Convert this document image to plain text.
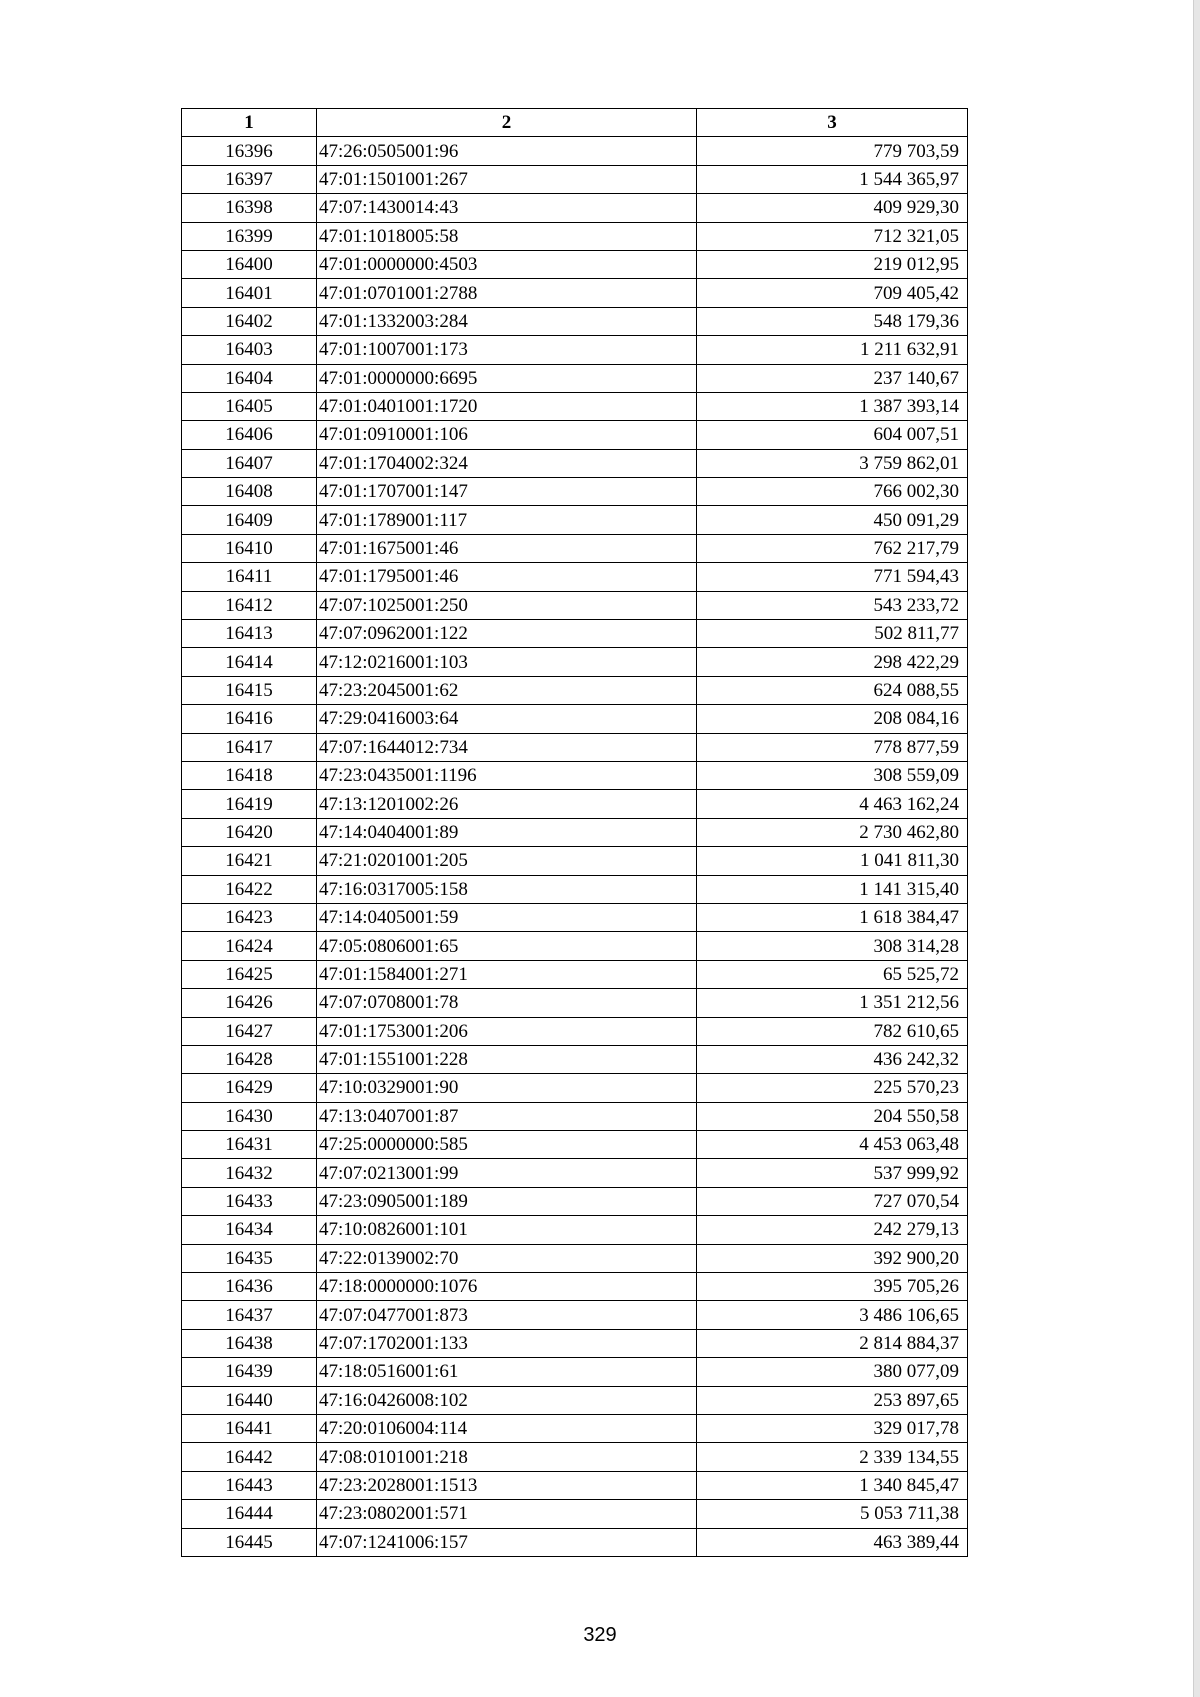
1	2	3
16396	47:26:0505001:96	779 703,59
16397	47:01:1501001:267	1 544 365,97
16398	47:07:1430014:43	409 929,30
16399	47:01:1018005:58	712 321,05
16400	47:01:0000000:4503	219 012,95
16401	47:01:0701001:2788	709 405,42
16402	47:01:1332003:284	548 179,36
16403	47:01:1007001:173	1 211 632,91
16404	47:01:0000000:6695	237 140,67
16405	47:01:0401001:1720	1 387 393,14
16406	47:01:0910001:106	604 007,51
16407	47:01:1704002:324	3 759 862,01
16408	47:01:1707001:147	766 002,30
16409	47:01:1789001:117	450 091,29
16410	47:01:1675001:46	762 217,79
16411	47:01:1795001:46	771 594,43
16412	47:07:1025001:250	543 233,72
16413	47:07:0962001:122	502 811,77
16414	47:12:0216001:103	298 422,29
16415	47:23:2045001:62	624 088,55
16416	47:29:0416003:64	208 084,16
16417	47:07:1644012:734	778 877,59
16418	47:23:0435001:1196	308 559,09
16419	47:13:1201002:26	4 463 162,24
16420	47:14:0404001:89	2 730 462,80
16421	47:21:0201001:205	1 041 811,30
16422	47:16:0317005:158	1 141 315,40
16423	47:14:0405001:59	1 618 384,47
16424	47:05:0806001:65	308 314,28
16425	47:01:1584001:271	65 525,72
16426	47:07:0708001:78	1 351 212,56
16427	47:01:1753001:206	782 610,65
16428	47:01:1551001:228	436 242,32
16429	47:10:0329001:90	225 570,23
16430	47:13:0407001:87	204 550,58
16431	47:25:0000000:585	4 453 063,48
16432	47:07:0213001:99	537 999,92
16433	47:23:0905001:189	727 070,54
16434	47:10:0826001:101	242 279,13
16435	47:22:0139002:70	392 900,20
16436	47:18:0000000:1076	395 705,26
16437	47:07:0477001:873	3 486 106,65
16438	47:07:1702001:133	2 814 884,37
16439	47:18:0516001:61	380 077,09
16440	47:16:0426008:102	253 897,65
16441	47:20:0106004:114	329 017,78
16442	47:08:0101001:218	2 339 134,55
16443	47:23:2028001:1513	1 340 845,47
16444	47:23:0802001:571	5 053 711,38
16445	47:07:1241006:157	463 389,44
329
